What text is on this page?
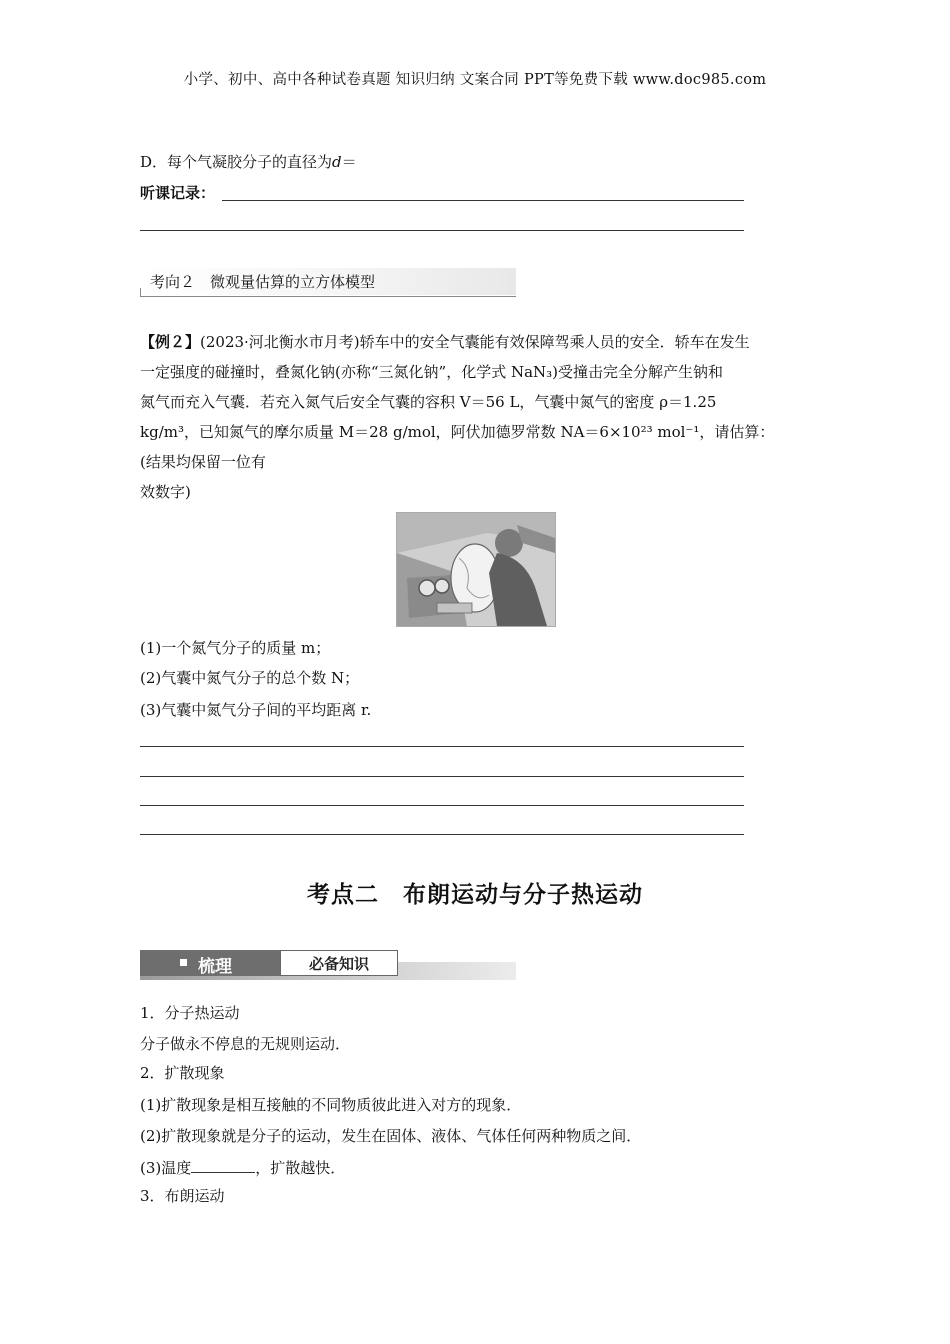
小学、初中、高中各种试卷真题 知识归纳 文案合同 PPT等免费下载 www.doc985.com
D．每个气凝胶分子的直径为d＝
听课记录：
考向２　微观量估算的立方体模型
【例２】(2023·河北衡水市月考)轿车中的安全气囊能有效保障驾乘人员的安全．轿车在发生
一定强度的碰撞时，叠氮化钠(亦称“三氮化钠”，化学式 NaN₃)受撞击完全分解产生钠和
氮气而充入气囊．若充入氮气后安全气囊的容积 V＝56 L，气囊中氮气的密度 ρ＝1.25
kg/m³，已知氮气的摩尔质量 M＝28 g/mol，阿伏加德罗常数 NA＝6×10²³ mol⁻¹，请估算：
(结果均保留一位有
效数字)
(1)一个氮气分子的质量 m；
(2)气囊中氮气分子的总个数 N；
(3)气囊中氮气分子间的平均距离 r.
考点二　布朗运动与分子热运动
梳理	必备知识
1．分子热运动
分子做永不停息的无规则运动．
2．扩散现象
(1)扩散现象是相互接触的不同物质彼此进入对方的现象．
(2)扩散现象就是分子的运动，发生在固体、液体、气体任何两种物质之间．
(3)温度	，扩散越快．
3．布朗运动
